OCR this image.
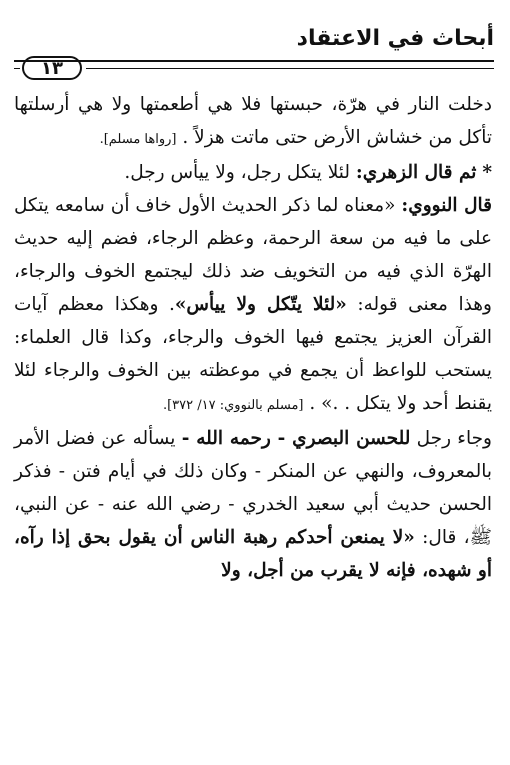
أبحاث في الاعتقاد
١٣

دخلت النار في هرّة، حبستها فلا هي أطعمتها ولا هي أرسلتها تأكل من خشاش الأرض حتى ماتت هزلاً . [رواها مسلم].

* ثم قال الزهري: لئلا يتكل رجل، ولا ييأس رجل.

قال النووي: «معناه لما ذكر الحديث الأول خاف أن سامعه يتكل على ما فيه من سعة الرحمة، وعظم الرجاء، فضم إليه حديث الهرّة الذي فيه من التخويف ضد ذلك ليجتمع الخوف والرجاء، وهذا معنى قوله: «لئلا يتّكل ولا ييأس». وهكذا معظم آيات القرآن العزيز يجتمع فيها الخوف والرجاء، وكذا قال العلماء: يستحب للواعظ أن يجمع في موعظته بين الخوف والرجاء لئلا يقنط أحد ولا يتكل . .» . [مسلم بالنووي: ١٧/ ٣٧٢].

وجاء رجل للحسن البصري - رحمه الله - يسأله عن فضل الأمر بالمعروف، والنهي عن المنكر - وكان ذلك في أيام فتن - فذكر الحسن حديث أبي سعيد الخدري - رضي الله عنه - عن النبي، ﷺ، قال: «لا يمنعن أحدكم رهبة الناس أن يقول بحق إذا رآه، أو شهده، فإنه لا يقرب من أجل، ولا
